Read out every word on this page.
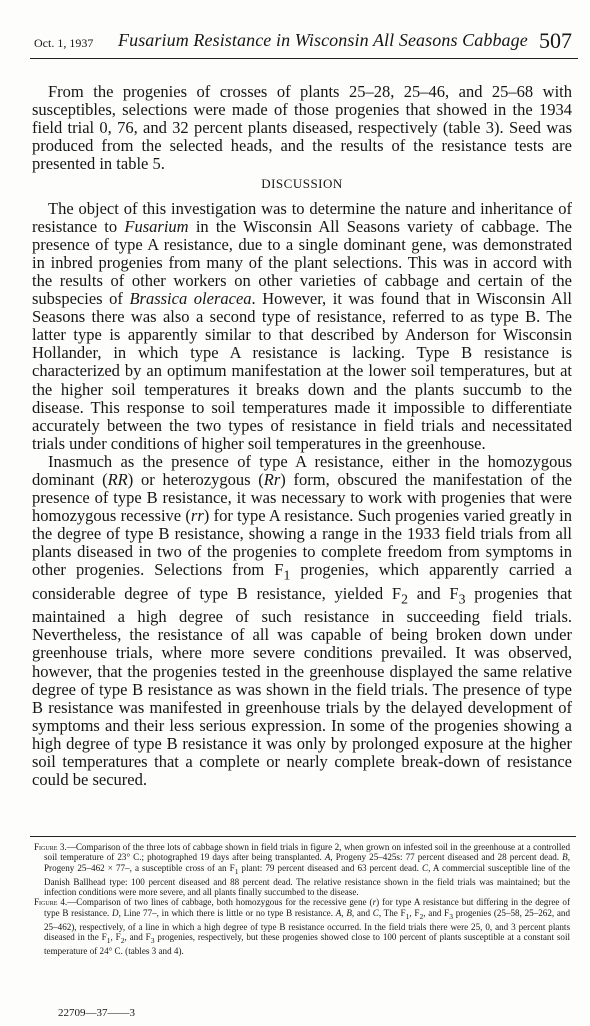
Oct. 1, 1937 Fusarium Resistance in Wisconsin All Seasons Cabbage 507

From the progenies of crosses of plants 25–28, 25–46, and 25–68 with susceptibles, selections were made of those progenies that showed in the 1934 field trial 0, 76, and 32 percent plants diseased, respectively (table 3). Seed was produced from the selected heads, and the results of the resistance tests are presented in table 5.

DISCUSSION

The object of this investigation was to determine the nature and inheritance of resistance to Fusarium in the Wisconsin All Seasons variety of cabbage. The presence of type A resistance, due to a single dominant gene, was demonstrated in inbred progenies from many of the plant selections. This was in accord with the results of other workers on other varieties of cabbage and certain of the subspecies of Brassica oleracea. However, it was found that in Wisconsin All Seasons there was also a second type of resistance, referred to as type B. The latter type is apparently similar to that described by Anderson for Wisconsin Hollander, in which type A resistance is lacking. Type B resistance is characterized by an optimum manifestation at the lower soil temperatures, but at the higher soil temperatures it breaks down and the plants succumb to the disease. This response to soil temperatures made it impossible to differentiate accurately between the two types of resistance in field trials and necessitated trials under conditions of higher soil temperatures in the greenhouse.

Inasmuch as the presence of type A resistance, either in the homozygous dominant (RR) or heterozygous (Rr) form, obscured the manifestation of the presence of type B resistance, it was necessary to work with progenies that were homozygous recessive (rr) for type A resistance. Such progenies varied greatly in the degree of type B resistance, showing a range in the 1933 field trials from all plants diseased in two of the progenies to complete freedom from symptoms in other progenies. Selections from $F_1$ progenies, which apparently carried a considerable degree of type B resistance, yielded $F_2$ and $F_3$ progenies that maintained a high degree of such resistance in succeeding field trials. Nevertheless, the resistance of all was capable of being broken down under greenhouse trials, where more severe conditions prevailed. It was observed, however, that the progenies tested in the greenhouse displayed the same relative degree of type B resistance as was shown in the field trials. The presence of type B resistance was manifested in greenhouse trials by the delayed development of symptoms and their less serious expression. In some of the progenies showing a high degree of type B resistance it was only by prolonged exposure at the higher soil temperatures that a complete or nearly complete break-down of resistance could be secured.

Figure 3.—Comparison of the three lots of cabbage shown in field trials in figure 2, when grown on infested soil in the greenhouse at a controlled soil temperature of 23° C.; photographed 19 days after being transplanted. A, Progeny 25–425s: 77 percent diseased and 28 percent dead. B, Progeny 25–462 × 77–, a susceptible cross of an $F_1$ plant: 79 percent diseased and 63 percent dead. C, A commercial susceptible line of the Danish Ballhead type: 100 percent diseased and 88 percent dead. The relative resistance shown in the field trials was maintained; but the infection conditions were more severe, and all plants finally succumbed to the disease.

Figure 4.—Comparison of two lines of cabbage, both homozygous for the recessive gene (r) for type A resistance but differing in the degree of type B resistance. D, Line 77–, in which there is little or no type B resistance. A, B, and C, The $F_1$, $F_2$, and $F_3$ progenies (25–58, 25–262, and 25–462), respectively, of a line in which a high degree of type B resistance occurred. In the field trials there were 25, 0, and 3 percent plants diseased in the $F_1$, $F_2$, and $F_3$ progenies, respectively, but these progenies showed close to 100 percent of plants susceptible at a constant soil temperature of 24° C. (tables 3 and 4).

22709—37——3
